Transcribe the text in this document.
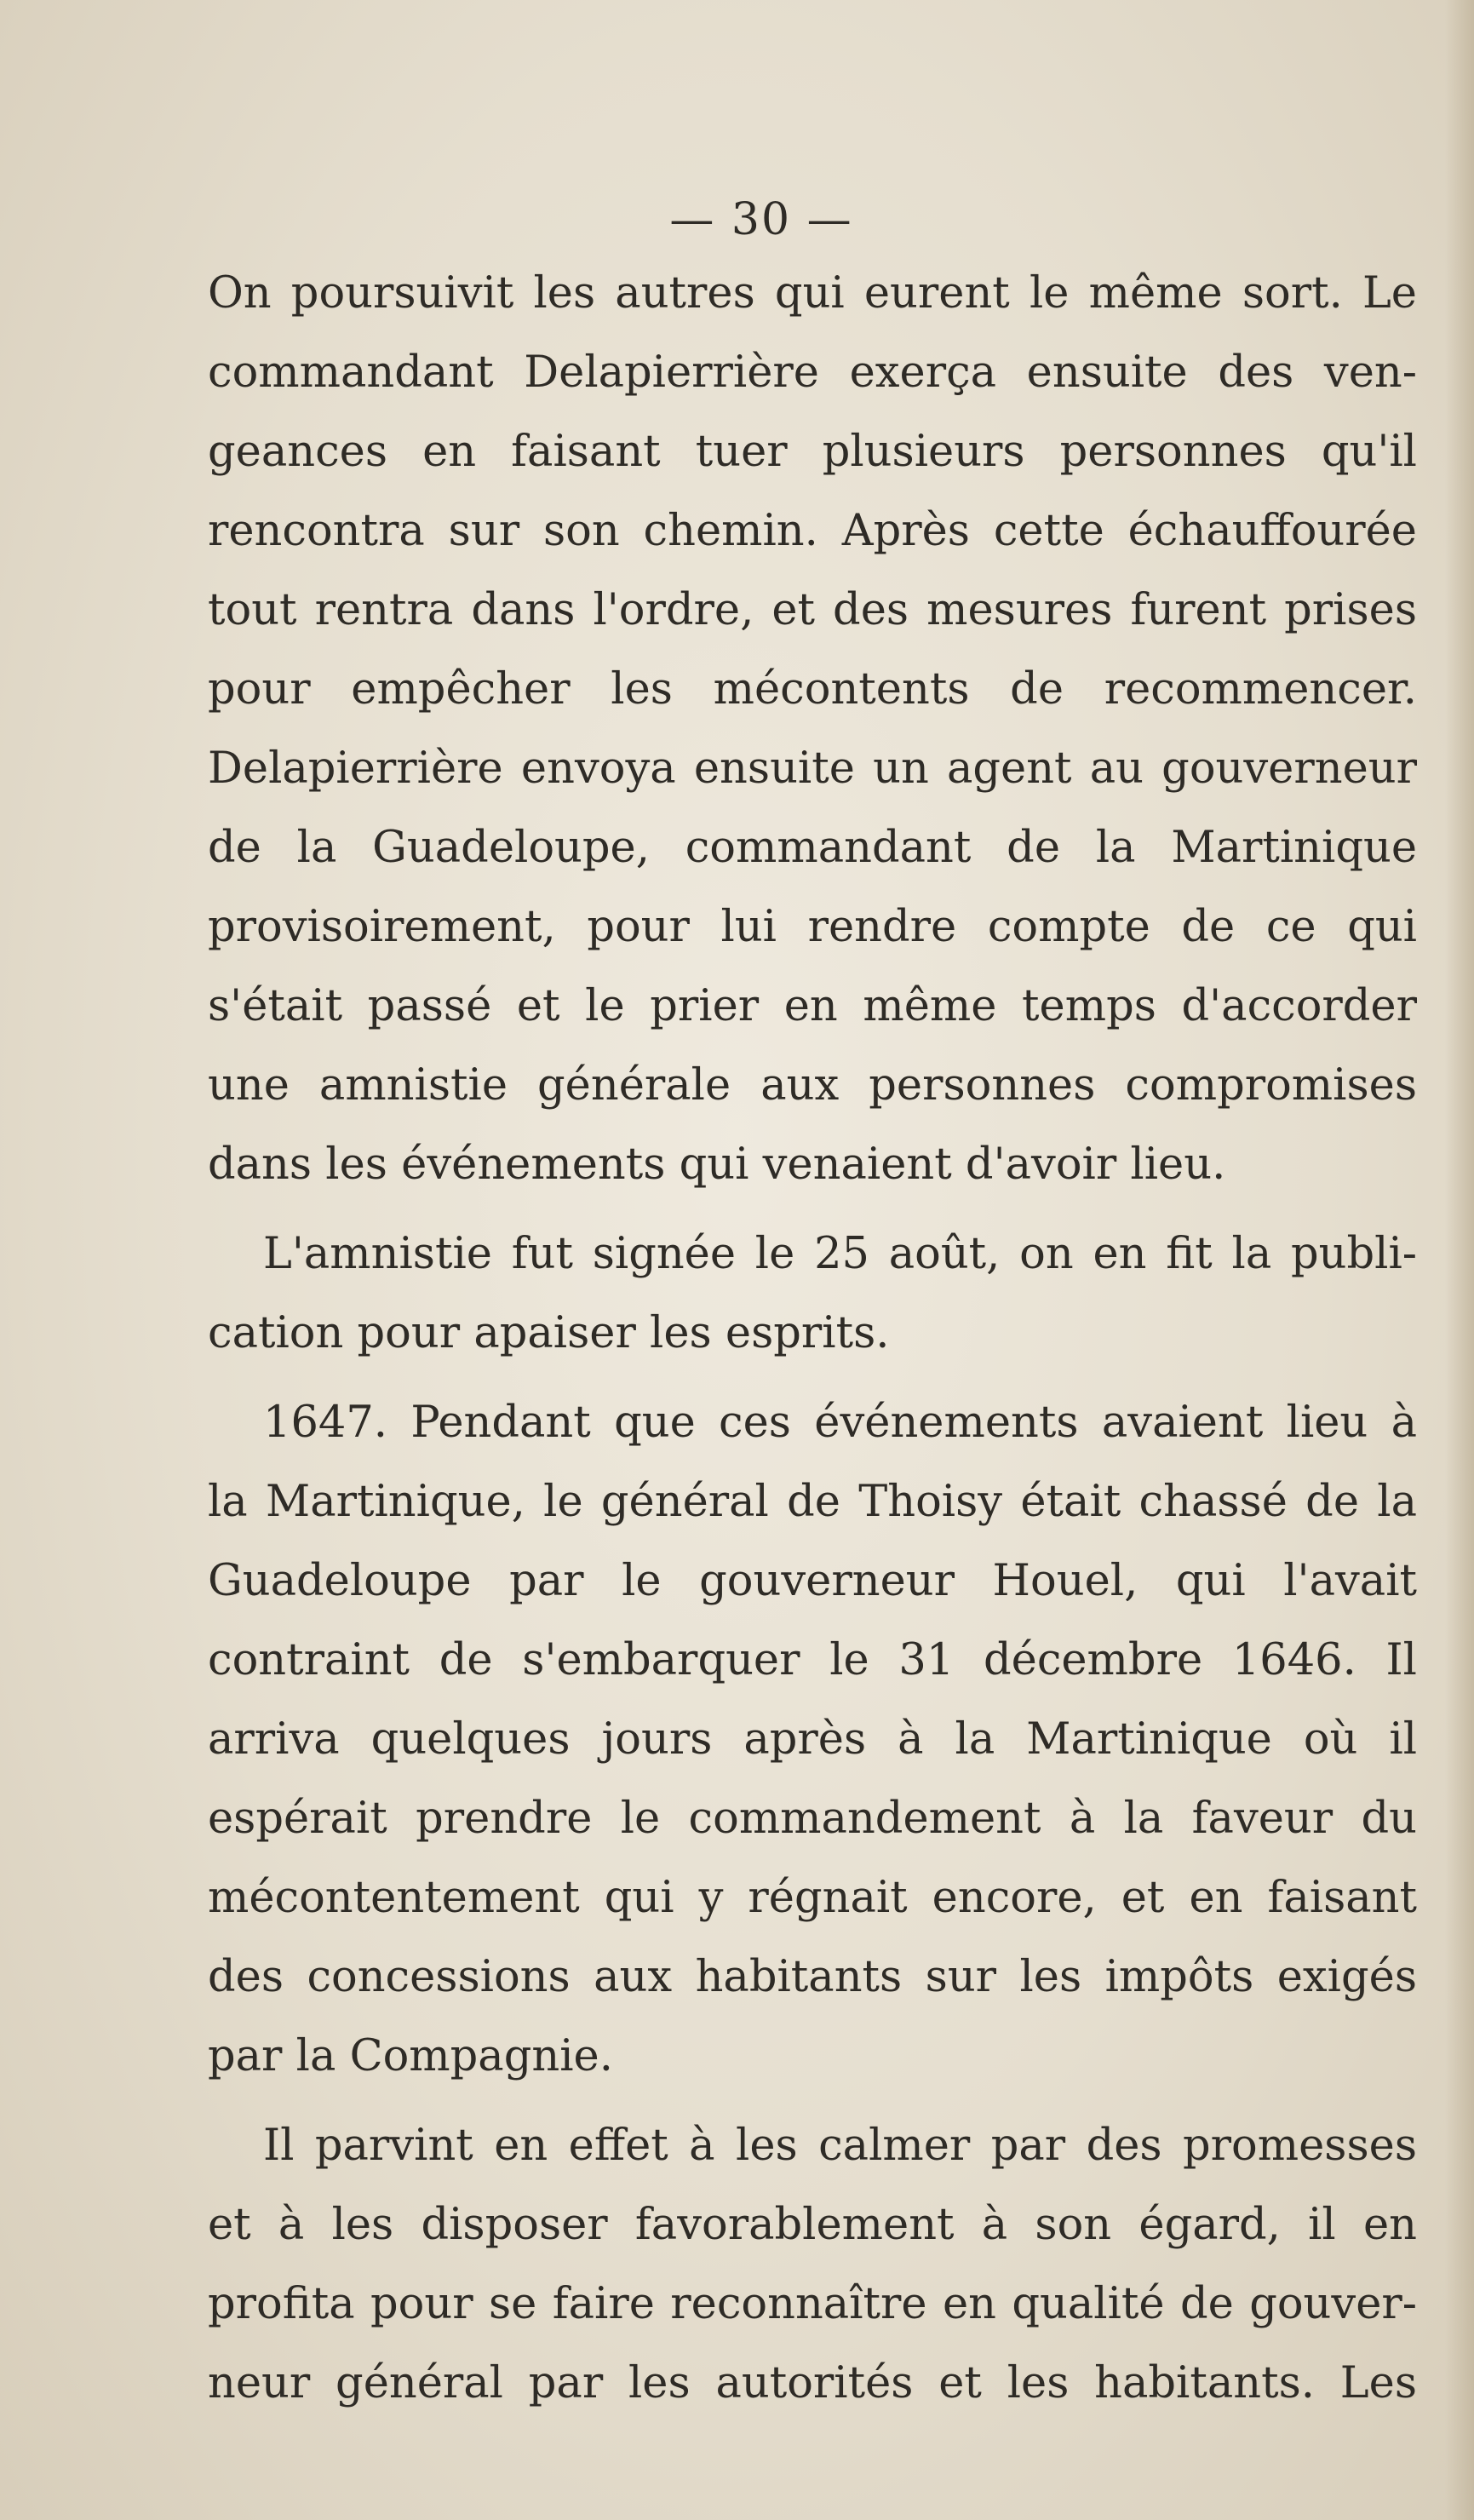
— 30 —
On poursuivit les autres qui eurent le même sort. Le
commandant Delapierrière exerça ensuite des ven-
geances en faisant tuer plusieurs personnes qu'il
rencontra sur son chemin. Après cette échauffourée
tout rentra dans l'ordre, et des mesures furent prises
pour empêcher les mécontents de recommencer.
Delapierrière envoya ensuite un agent au gouverneur
de la Guadeloupe, commandant de la Martinique
provisoirement, pour lui rendre compte de ce qui
s'était passé et le prier en même temps d'accorder
une amnistie générale aux personnes compromises
dans les événements qui venaient d'avoir lieu.
L'amnistie fut signée le 25 août, on en fit la publi-
cation pour apaiser les esprits.
1647. Pendant que ces événements avaient lieu à
la Martinique, le général de Thoisy était chassé de la
Guadeloupe par le gouverneur Houel, qui l'avait
contraint de s'embarquer le 31 décembre 1646. Il
arriva quelques jours après à la Martinique où il
espérait prendre le commandement à la faveur du
mécontentement qui y régnait encore, et en faisant
des concessions aux habitants sur les impôts exigés
par la Compagnie.
Il parvint en effet à les calmer par des promesses
et à les disposer favorablement à son égard, il en
profita pour se faire reconnaître en qualité de gouver-
neur général par les autorités et les habitants. Les
